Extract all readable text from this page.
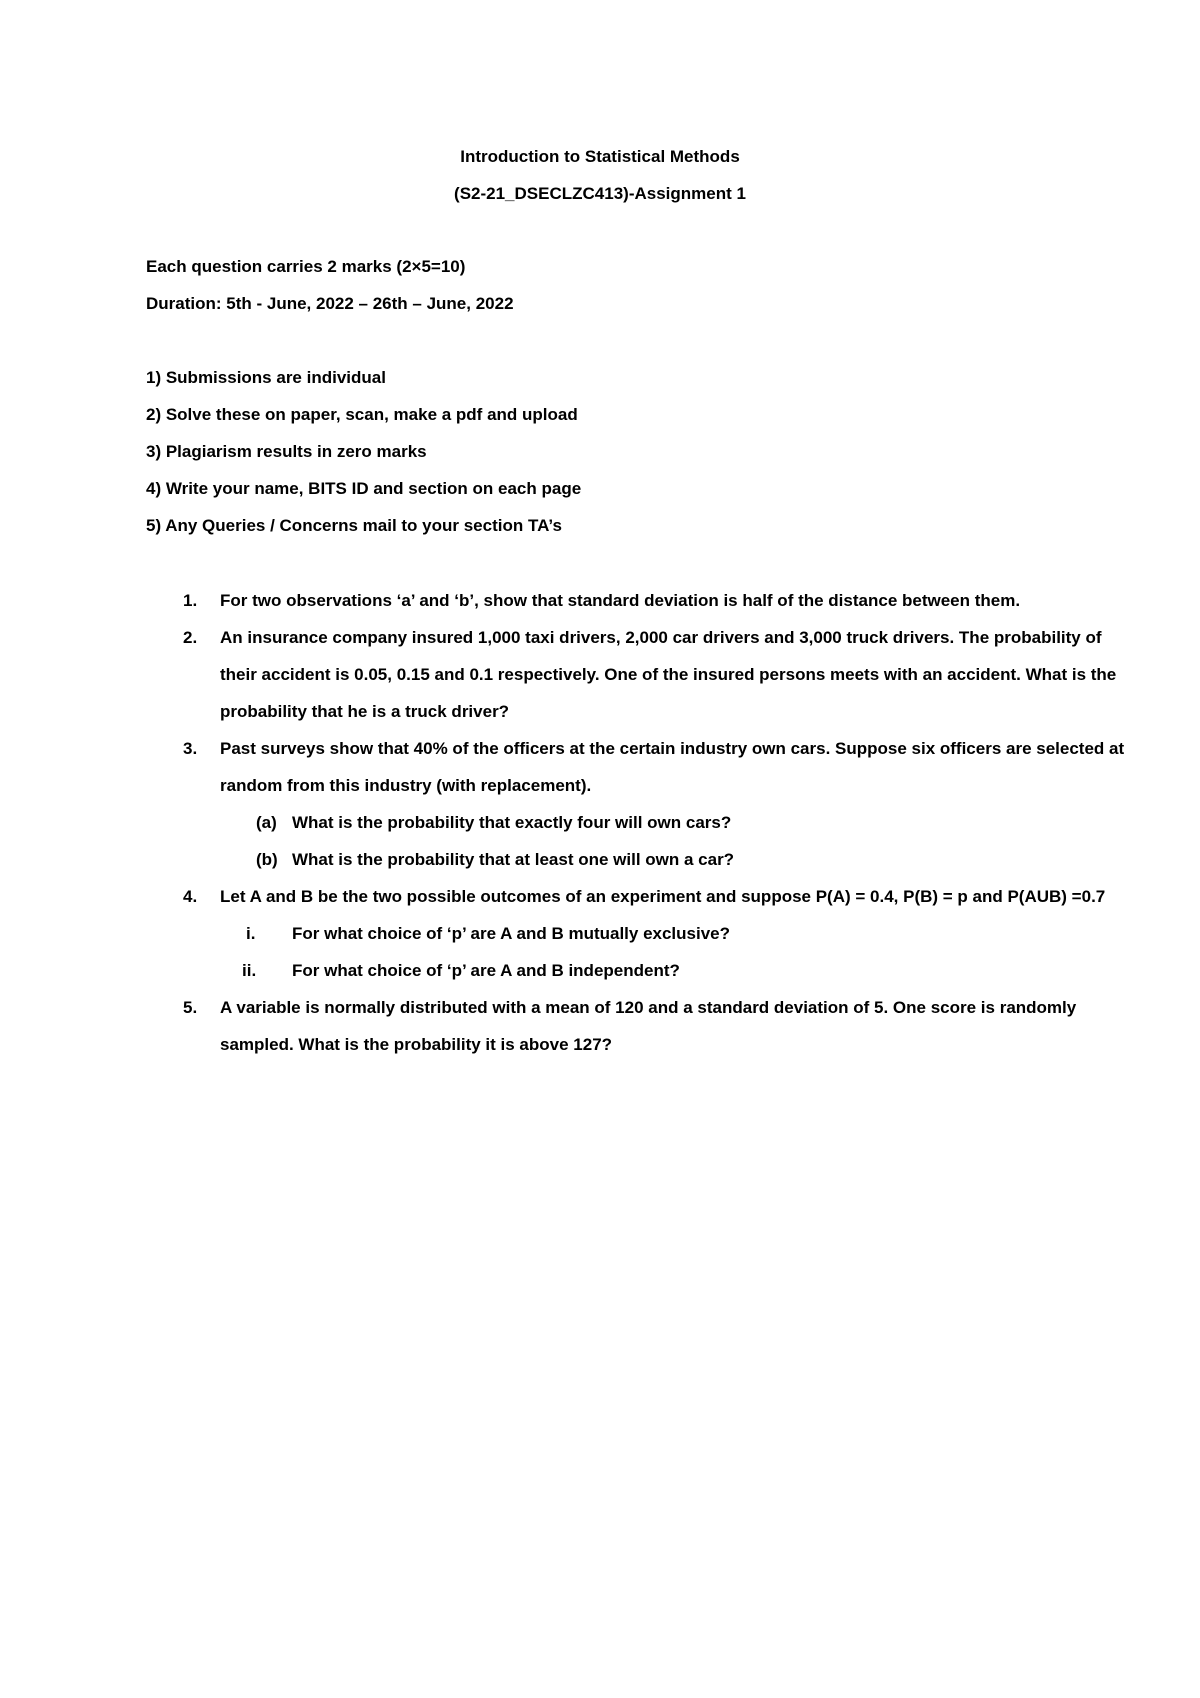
Introduction to Statistical Methods
(S2-21_DSECLZC413)-Assignment 1
Each question carries 2 marks (2×5=10)
Duration: 5th - June, 2022 – 26th – June, 2022
1) Submissions are individual
2) Solve these on paper, scan, make a pdf and upload
3) Plagiarism results in zero marks
4) Write your name, BITS ID and section on each page
5) Any Queries / Concerns mail to your section TA’s
1. For two observations ‘a’ and ‘b’, show that standard deviation is half of the distance between them.
2. An insurance company insured 1,000 taxi drivers, 2,000 car drivers and 3,000 truck drivers. The probability of
their accident is 0.05, 0.15 and 0.1 respectively. One of the insured persons meets with an accident. What is the
probability that he is a truck driver?
3. Past surveys show that 40% of the officers at the certain industry own cars. Suppose six officers are selected at
random from this industry (with replacement).
(a) What is the probability that exactly four will own cars?
(b) What is the probability that at least one will own a car?
4. Let A and B be the two possible outcomes of an experiment and suppose P(A) = 0.4, P(B) = p and P(AUB) =0.7
i. For what choice of ‘p’ are A and B mutually exclusive?
ii. For what choice of ‘p’ are A and B independent?
5. A variable is normally distributed with a mean of 120 and a standard deviation of 5. One score is randomly
sampled. What is the probability it is above 127?
